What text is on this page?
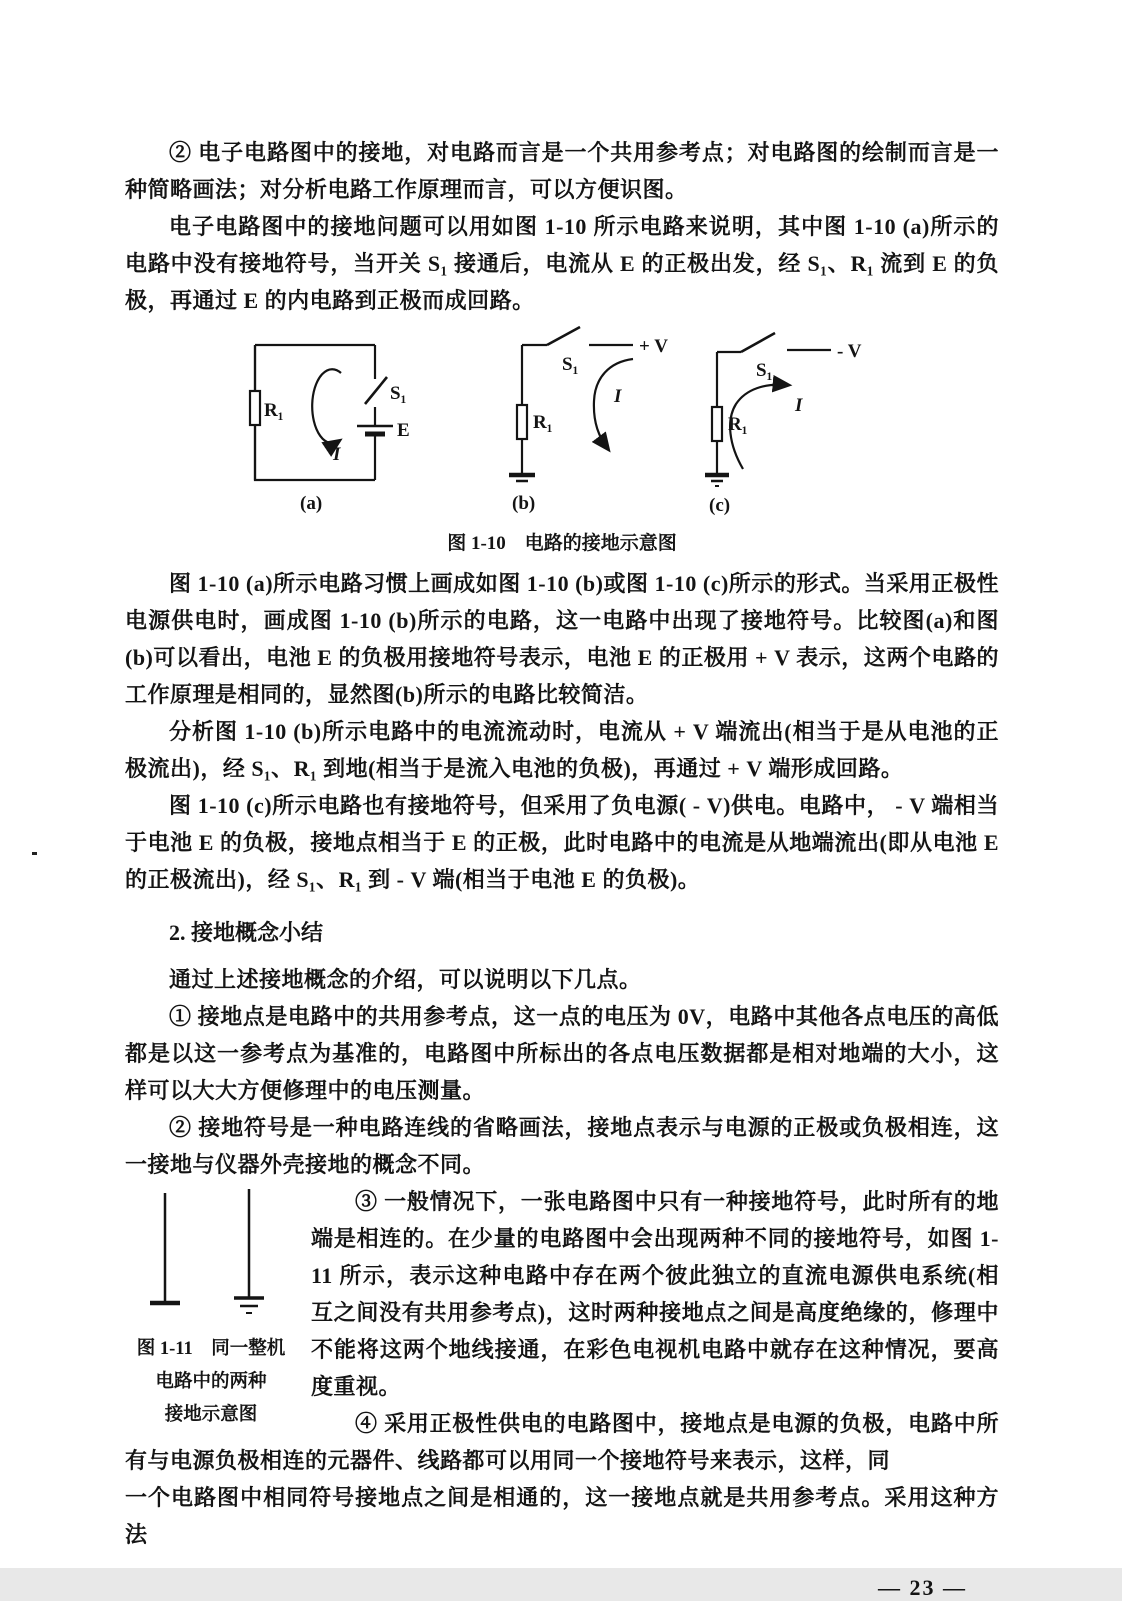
② 电子电路图中的接地，对电路而言是一个共用参考点；对电路图的绘制而言是一种简略画法；对分析电路工作原理而言，可以方便识图。

电子电路图中的接地问题可以用如图 1-10 所示电路来说明，其中图 1-10 (a)所示的电路中没有接地符号，当开关 S₁ 接通后，电流从 E 的正极出发，经 S₁、R₁ 流到 E 的负极，再通过 E 的内电路到正极而成回路。

R₁
S₁
E
I
(a)
S₁
+ V
R₁
I
(b)
S₁
- V
R₁
I
(c)
图 1-10　电路的接地示意图

图 1-10 (a)所示电路习惯上画成如图 1-10 (b)或图 1-10 (c)所示的形式。当采用正极性电源供电时，画成图 1-10 (b)所示的电路，这一电路中出现了接地符号。比较图(a)和图(b)可以看出，电池 E 的负极用接地符号表示，电池 E 的正极用 + V 表示，这两个电路的工作原理是相同的，显然图(b)所示的电路比较简洁。

分析图 1-10 (b)所示电路中的电流流动时，电流从 + V 端流出(相当于是从电池的正极流出)，经 S₁、R₁ 到地(相当于是流入电池的负极)，再通过 + V 端形成回路。

图 1-10 (c)所示电路也有接地符号，但采用了负电源( - V)供电。电路中， - V 端相当于电池 E 的负极，接地点相当于 E 的正极，此时电路中的电流是从地端流出(即从电池 E 的正极流出)，经 S₁、R₁ 到 - V 端(相当于电池 E 的负极)。

2. 接地概念小结

通过上述接地概念的介绍，可以说明以下几点。

① 接地点是电路中的共用参考点，这一点的电压为 0V，电路中其他各点电压的高低都是以这一参考点为基准的，电路图中所标出的各点电压数据都是相对地端的大小，这样可以大大方便修理中的电压测量。

② 接地符号是一种电路连线的省略画法，接地点表示与电源的正极或负极相连，这一接地与仪器外壳接地的概念不同。

图 1-11　同一整机
电路中的两种
接地示意图

③ 一般情况下，一张电路图中只有一种接地符号，此时所有的地端是相连的。在少量的电路图中会出现两种不同的接地符号，如图 1-11 所示，表示这种电路中存在两个彼此独立的直流电源供电系统(相互之间没有共用参考点)，这时两种接地点之间是高度绝缘的，修理中不能将这两个地线接通，在彩色电视机电路中就存在这种情况，要高度重视。

④ 采用正极性供电的电路图中，接地点是电源的负极，电路中所有与电源负极相连的元器件、线路都可以用同一个接地符号来表示，这样，同

一个电路图中相同符号接地点之间是相通的，这一接地点就是共用参考点。采用这种方法

— 23 —
